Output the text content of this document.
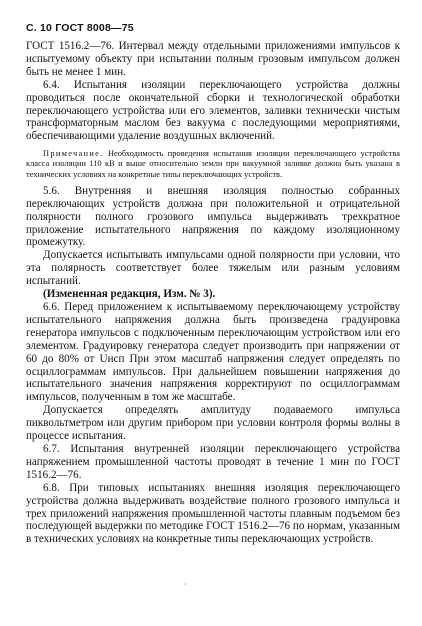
С. 10 ГОСТ 8008—75

ГОСТ 1516.2—76. Интервал между отдельными приложениями импульсов к испытуемому объекту при испытании полным грозовым импульсом должен быть не менее 1 мин.

6.4. Испытания изоляции переключающего устройства должны проводиться после окончательной сборки и технологической обработки переключающего устройства или его элементов, заливки технически чистым трансформаторным маслом без вакуума с последующими мероприятиями, обеспечивающими удаление воздушных включений.

Примечание. Необходимость проведения испытания изоляции переключающего устройства класса изоляции 110 кВ и выше относительно земли при вакуумной заливке должна быть указана в технических условиях на конкретные типы переключающих устройств.

5.6. Внутренняя и внешняя изоляция полностью собранных переключающих устройств должна при положительной и отрицательной полярности полного грозового импульса выдерживать трехкратное приложение испытательного напряжения по каждому изоляционному промежутку.

Допускается испытывать импульсами одной полярности при условии, что эта полярность соответствует более тяжелым или разным условиям испытаний.

(Измененная редакция, Изм. № 3).

6.6. Перед приложением к испытываемому переключающему устройству испытательного напряжения должна быть произведена градуировка генератора импульсов с подключенным переключающим устройством или его элементом. Градуировку генератора следует производить при напряжении от 60 до 80% от Uисп При этом масштаб напряжения следует определять по осциллограммам импульсов. При дальнейшем повышении напряжения до испытательного значения напряжения корректируют по осциллограммам импульсов, полученным в том же масштабе.

Допускается определять амплитуду подаваемого импульса пиквольтметром или другим прибором при условии контроля формы волны в процессе испытания.

6.7. Испытания внутренней изоляции переключающего устройства напряжением промышленной частоты проводят в течение 1 мин по ГОСТ 1516.2—76.

6.8. При типовых испытаниях внешняя изоляция переключающего устройства должна выдерживать воздействие полного грозового импульса и трех приложений напряжения промышленной частоты плавным подъемом без последующей выдержки по методике ГОСТ 1516.2—76 по нормам, указанным в технических условиях на конкретные типы переключающих устройств.

·
